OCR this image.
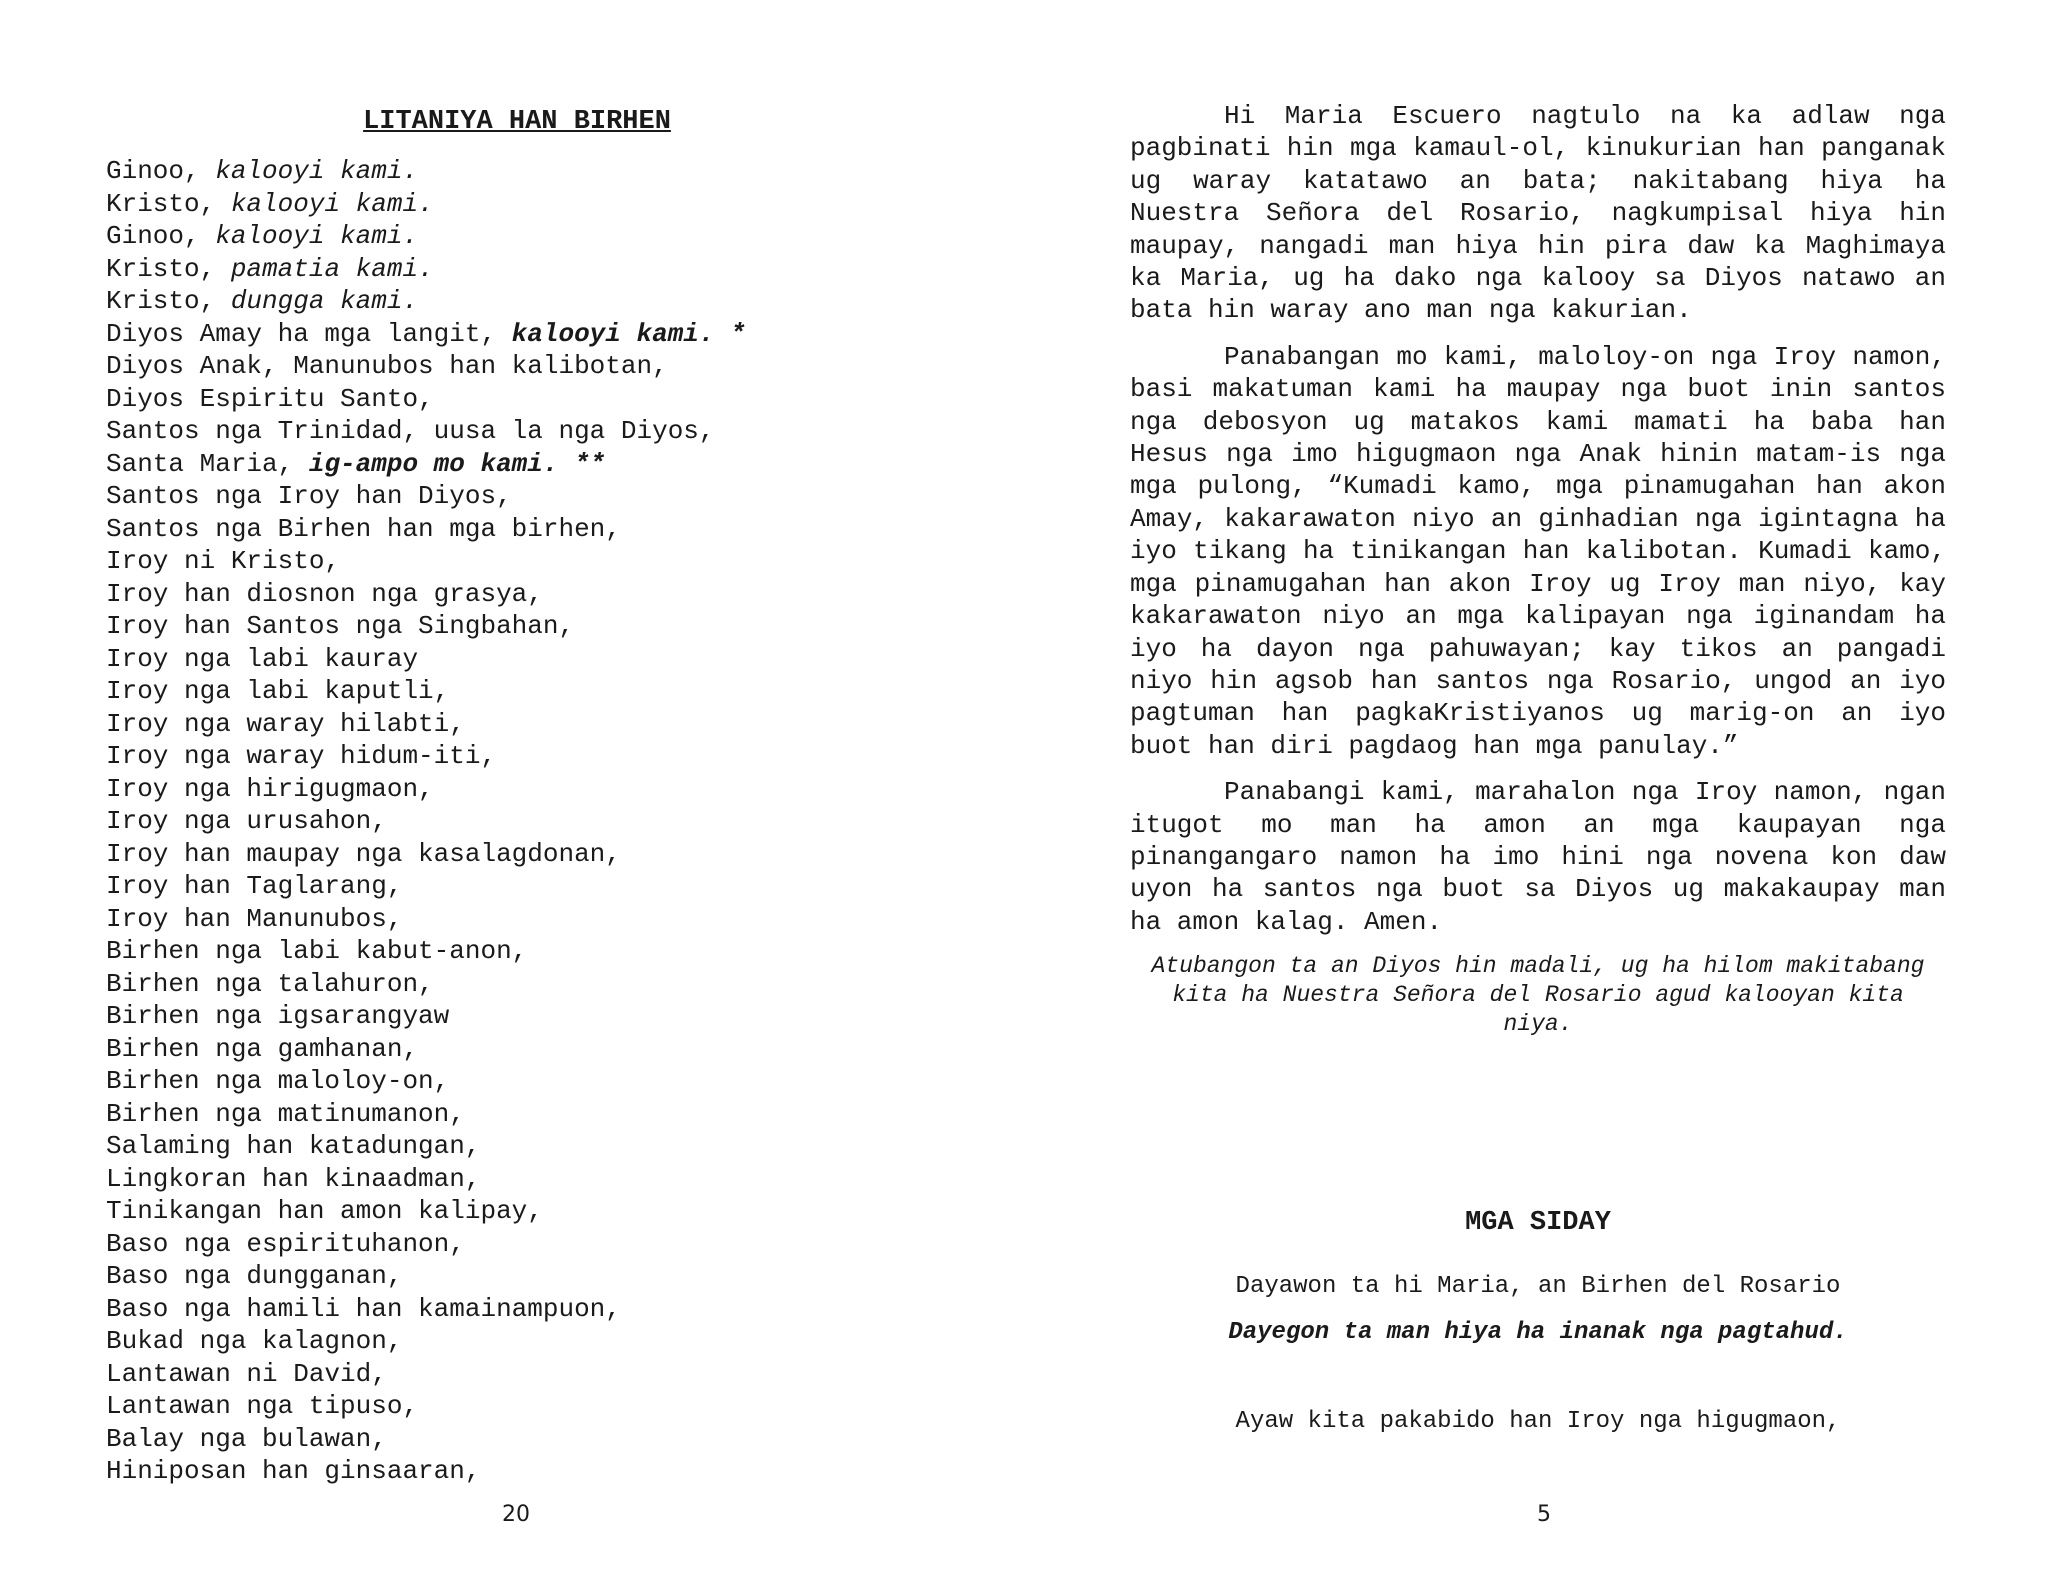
LITANIYA HAN BIRHEN
Ginoo, kalooyi kami.
Kristo, kalooyi kami.
Ginoo, kalooyi kami.
Kristo, pamatia kami.
Kristo, dungga kami.
Diyos Amay ha mga langit, kalooyi kami. *
Diyos Anak, Manunubos han kalibotan,
Diyos Espiritu Santo,
Santos nga Trinidad, uusa la nga Diyos,
Santa Maria, ig-ampo mo kami. **
Santos nga Iroy han Diyos,
Santos nga Birhen han mga birhen,
Iroy ni Kristo,
Iroy han diosnon nga grasya,
Iroy han Santos nga Singbahan,
Iroy nga labi kauray
Iroy nga labi kaputli,
Iroy nga waray hilabti,
Iroy nga waray hidum-iti,
Iroy nga hirigugmaon,
Iroy nga urusahon,
Iroy han maupay nga kasalagdonan,
Iroy han Taglarang,
Iroy han Manunubos,
Birhen nga labi kabut-anon,
Birhen nga talahuron,
Birhen nga igsarangyaw
Birhen nga gamhanan,
Birhen nga maloloy-on,
Birhen nga matinumanon,
Salaming han katadungan,
Lingkoran han kinaadman,
Tinikangan han amon kalipay,
Baso nga espirituhanon,
Baso nga dungganan,
Baso nga hamili han kamainampuon,
Bukad nga kalagnon,
Lantawan ni David,
Lantawan nga tipuso,
Balay nga bulawan,
Hiniposan han ginsaaran,
20

Hi Maria Escuero nagtulo na ka adlaw nga pagbinati hin mga kamaul-ol, kinukurian han panganak ug waray katatawo an bata; nakitabang hiya ha Nuestra Señora del Rosario, nagkumpisal hiya hin maupay, nangadi man hiya hin pira daw ka Maghimaya ka Maria, ug ha dako nga kalooy sa Diyos natawo an bata hin waray ano man nga kakurian.

Panabangan mo kami, maloloy-on nga Iroy namon, basi makatuman kami ha maupay nga buot inin santos nga debosyon ug matakos kami mamati ha baba han Hesus nga imo higugmaon nga Anak hinin matam-is nga mga pulong, “Kumadi kamo, mga pinamugahan han akon Amay, kakarawaton niyo an ginhadian nga igintagna ha iyo tikang ha tinikangan han kalibotan. Kumadi kamo, mga pinamugahan han akon Iroy ug Iroy man niyo, kay kakarawaton niyo an mga kalipayan nga iginandam ha iyo ha dayon nga pahuwayan; kay tikos an pangadi niyo hin agsob han santos nga Rosario, ungod an iyo pagtuman han pagkaKristiyanos ug marig-on an iyo buot han diri pagdaog han mga panulay.”

Panabangi kami, marahalon nga Iroy namon, ngan itugot mo man ha amon an mga kaupayan nga pinangangaro namon ha imo hini nga novena kon daw uyon ha santos nga buot sa Diyos ug makakaupay man ha amon kalag. Amen.

Atubangon ta an Diyos hin madali, ug ha hilom makitabang kita ha Nuestra Señora del Rosario agud kalooyan kita niya.

MGA SIDAY
Dayawon ta hi Maria, an Birhen del Rosario
Dayegon ta man hiya ha inanak nga pagtahud.
Ayaw kita pakabido han Iroy nga higugmaon,
5
